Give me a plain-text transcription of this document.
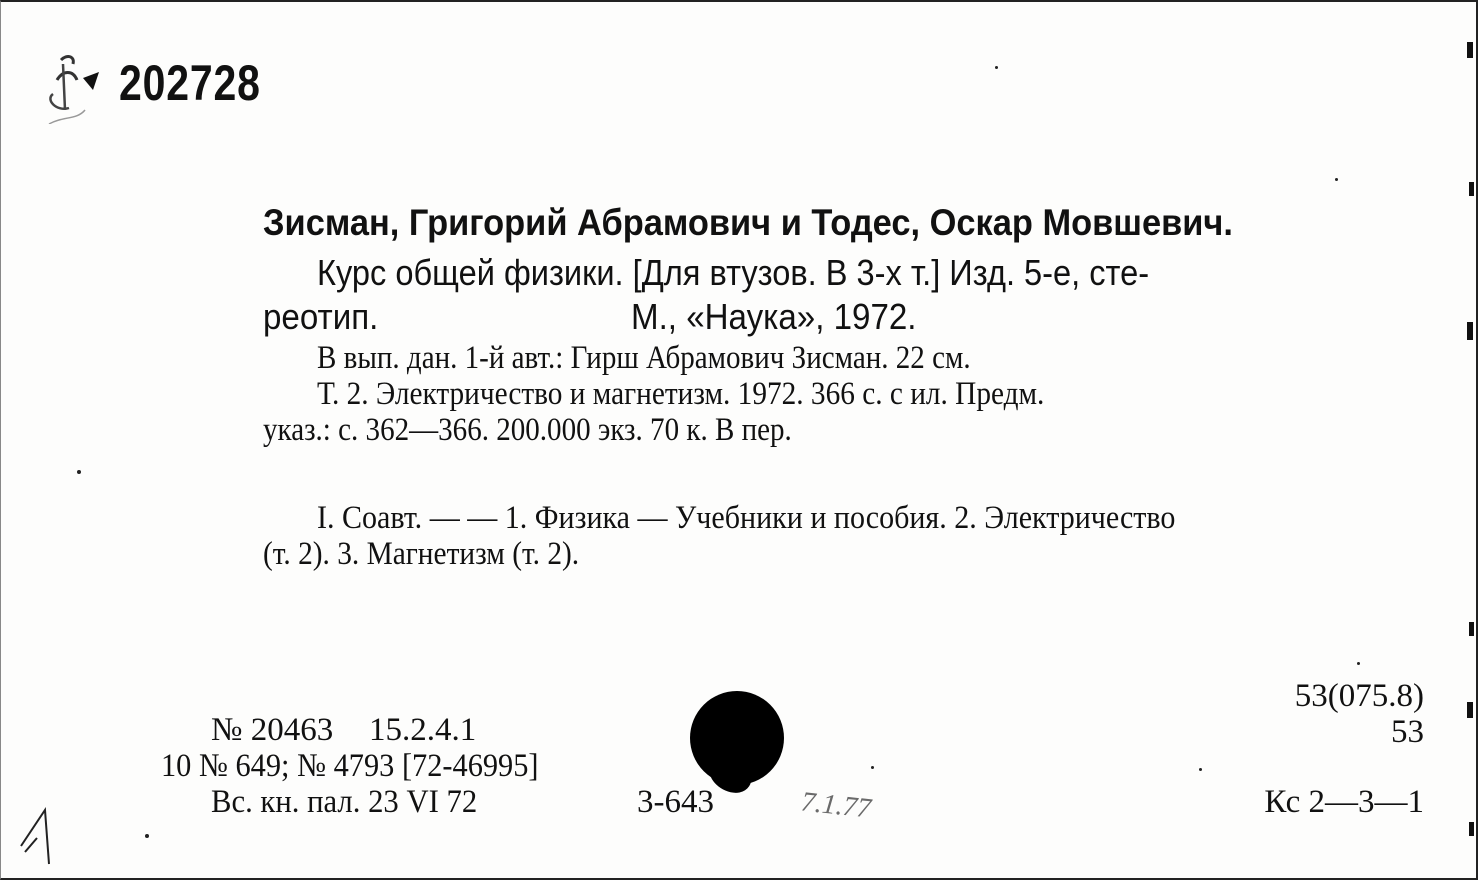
202728
Зисман, Григорий Абрамович и Тодес, Оскар Мовшевич.
Курс общей физики. [Для втузов. В 3-х т.] Изд. 5-е, сте-
реотип.	М., «Наука», 1972.
В вып. дан. 1-й авт.: Гирш Абрамович Зисман. 22 см.
Т. 2. Электричество и магнетизм. 1972. 366 с. с ил. Предм.
указ.: с. 362—366. 200.000 экз. 70 к. В пер.
I. Соавт. — — 1. Физика — Учебники и пособия. 2. Электричество
(т. 2). 3. Магнетизм (т. 2).
№ 20463 15.2.4.1
10 № 649; № 4793 [72-46995]
Вс. кн. пал. 23 VI 72	3-643
53(075.8)
53
Кс 2—3—1
7.1.77
